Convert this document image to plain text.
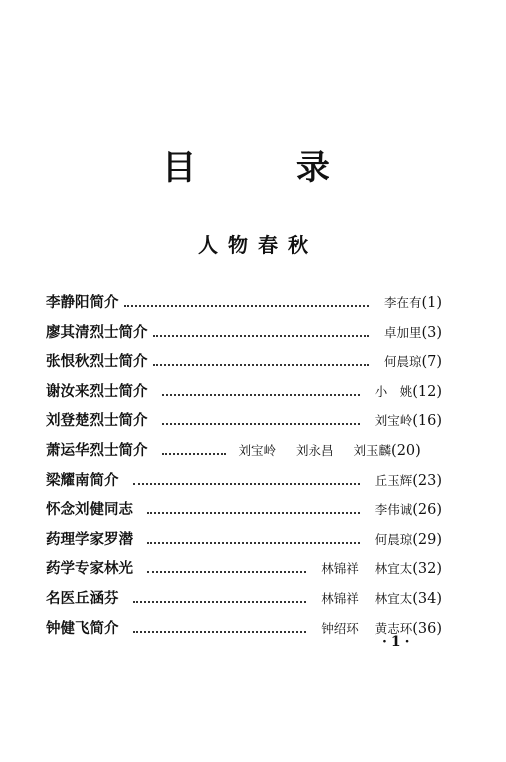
目 录
人物春秋
李静阳简介	李在有 (1)
廖其清烈士简介	卓加里 (3)
张恨秋烈士简介	何晨琼 (7)
谢汝来烈士简介	小　姚 (12)
刘登楚烈士简介	刘宝岭 (16)
萧运华烈士简介	刘宝岭 刘永昌 刘玉麟 (20)
梁耀南简介	丘玉辉 (23)
怀念刘健同志	李伟诚 (26)
药理学家罗潜	何晨琼 (29)
药学专家林光	林锦祥 林宜太 (32)
名医丘涵芬	林锦祥 林宜太 (34)
钟健飞简介	钟绍环 黄志环 (36)
·1·
